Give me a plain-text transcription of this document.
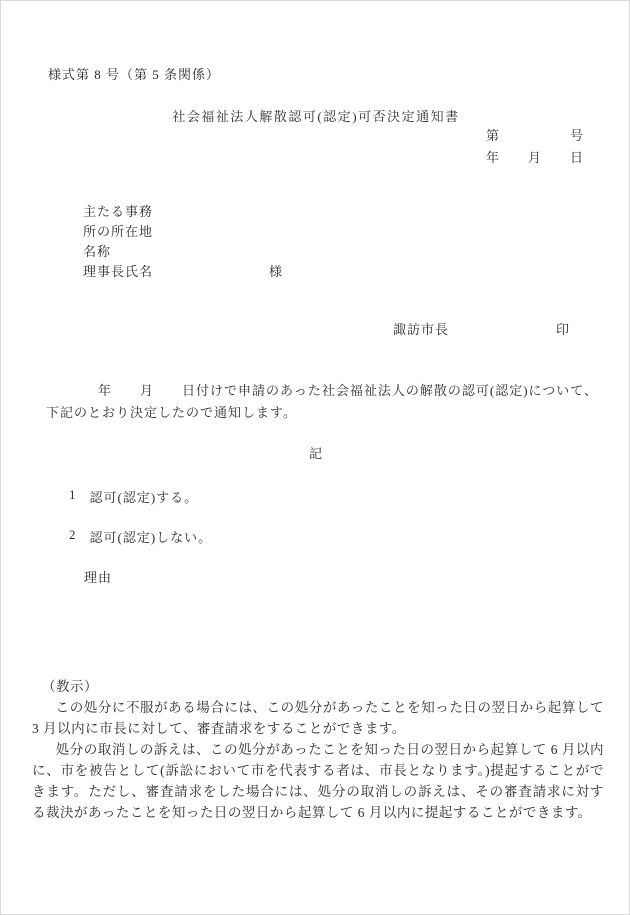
様式第 8 号（第 5 条関係）
社会福祉法人解散認可(認定)可否決定通知書
第	号
年 月 日
主たる事務
所の所在地
名称
理事長氏名	様
諏訪市長	印
年　　月　　日付けで申請のあった社会福祉法人の解散の認可(認定)について、
下記のとおり決定したので通知します。
記
1 認可(認定)する。
2 認可(認定)しない。
理由
（教示）

この処分に不服がある場合には、この処分があったことを知った日の翌日から起算して 3 月以内に市長に対して、審査請求をすることができます。

処分の取消しの訴えは、この処分があったことを知った日の翌日から起算して 6 月以内に、市を被告として(訴訟において市を代表する者は、市長となります。)提起することができます。ただし、審査請求をした場合には、処分の取消しの訴えは、その審査請求に対する裁決があったことを知った日の翌日から起算して 6 月以内に提起することができます。
